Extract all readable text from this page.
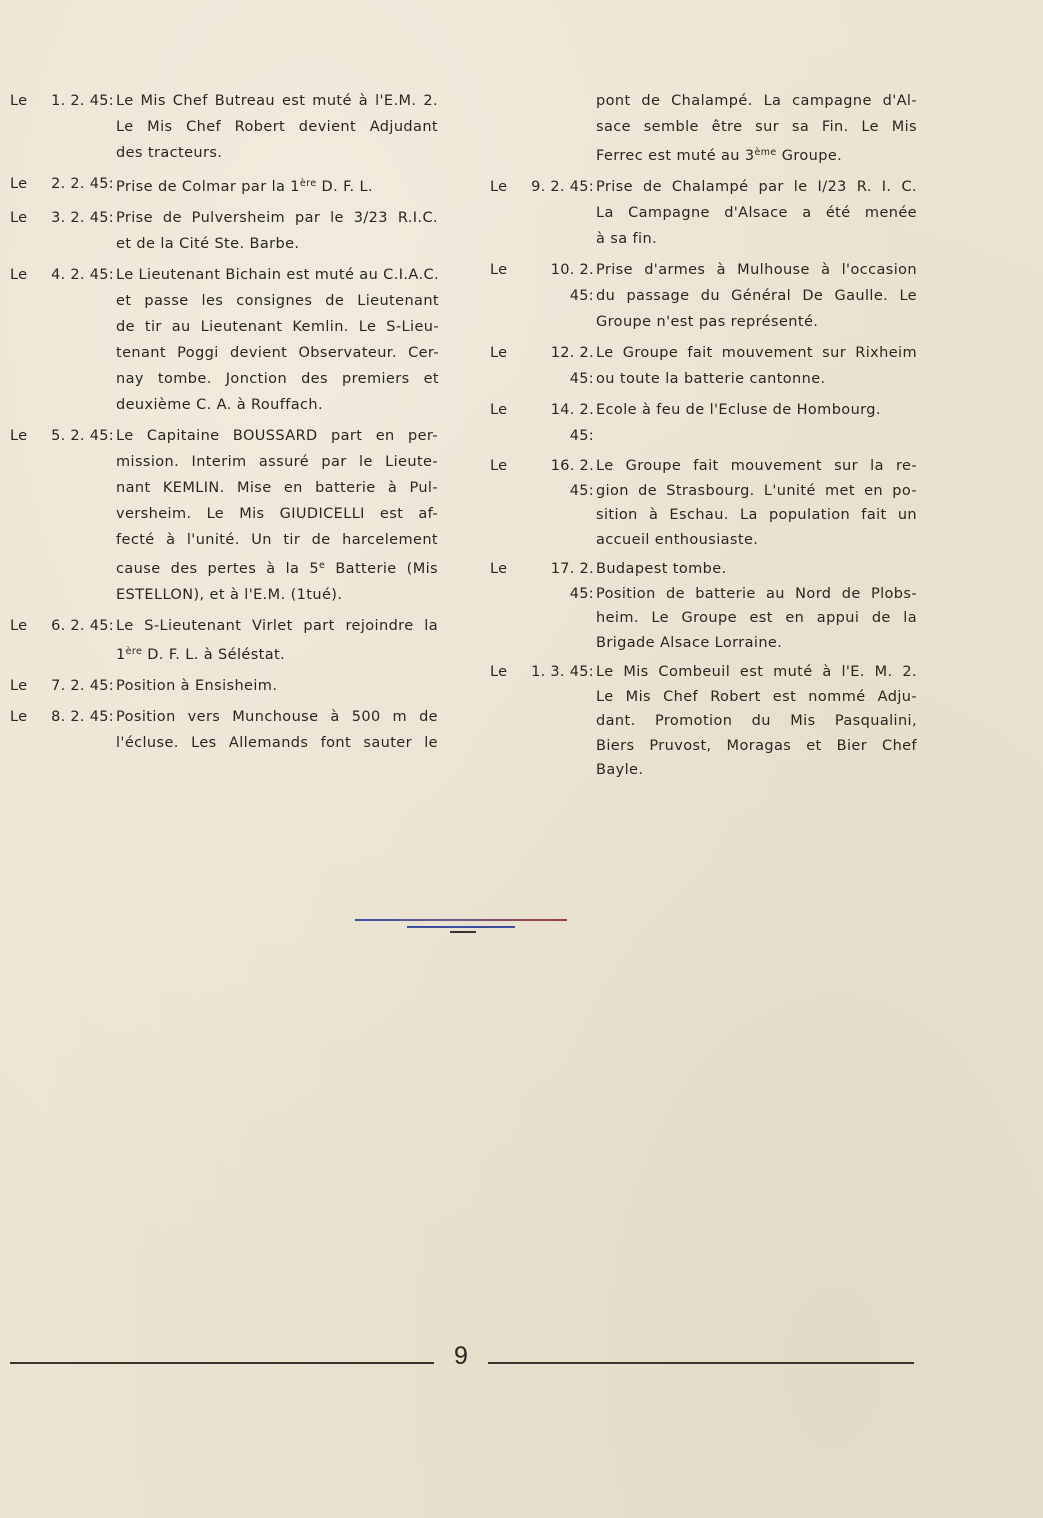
Le	1. 2. 45: Le Mis Chef Butreau est muté à l'E.M. 2.
Le Mis Chef Robert devient Adjudant
des tracteurs.
Le	2. 2. 45: Prise de Colmar par la 1ère D. F. L.
Le	3. 2. 45: Prise de Pulversheim par le 3/23 R.I.C.
et de la Cité Ste. Barbe.
Le	4. 2. 45: Le Lieutenant Bichain est muté au C.I.A.C.
et passe les consignes de Lieutenant
de tir au Lieutenant Kemlin. Le S-Lieu-
tenant Poggi devient Observateur. Cer-
nay tombe. Jonction des premiers et
deuxième C. A. à Rouffach.
Le	5. 2. 45: Le Capitaine BOUSSARD part en per-
mission. Interim assuré par le Lieute-
nant KEMLIN. Mise en batterie à Pul-
versheim. Le Mis GIUDICELLI est af-
fecté à l'unité. Un tir de harcelement
cause des pertes à la 5e Batterie (Mis
ESTELLON), et à l'E.M. (1tué).
Le	6. 2. 45: Le S-Lieutenant Virlet part rejoindre la
1ère D. F. L. à Séléstat.
Le	7. 2. 45: Position à Ensisheim.
Le	8. 2. 45: Position vers Munchouse à 500 m de
l'écluse. Les Allemands font sauter le
pont de Chalampé. La campagne d'Al-
sace semble être sur sa Fin. Le Mis
Ferrec est muté au 3ème Groupe.
Le	9. 2. 45: Prise de Chalampé par le I/23 R. I. C.
La Campagne d'Alsace a été menée
à sa fin.
Le	10. 2. 45:
Prise d'armes à Mulhouse à l'occasion
du passage du Général De Gaulle. Le
Groupe n'est pas représenté.
Le	12. 2. 45:
Le Groupe fait mouvement sur Rixheim
ou toute la batterie cantonne.
Le	14. 2. 45:
Ecole à feu de l'Ecluse de Hombourg.
Le	16. 2. 45:
Le Groupe fait mouvement sur la re-
gion de Strasbourg. L'unité met en po-
sition à Eschau. La population fait un
accueil enthousiaste.
Le	17. 2. 45:
Budapest tombe.
Position de batterie au Nord de Plobs-
heim. Le Groupe est en appui de la
Brigade Alsace Lorraine.
Le	1. 3. 45: Le Mis Combeuil est muté à l'E. M. 2.
Le Mis Chef Robert est nommé Adju-
dant. Promotion du Mis Pasqualini,
Biers Pruvost, Moragas et Bier Chef
Bayle.
9
